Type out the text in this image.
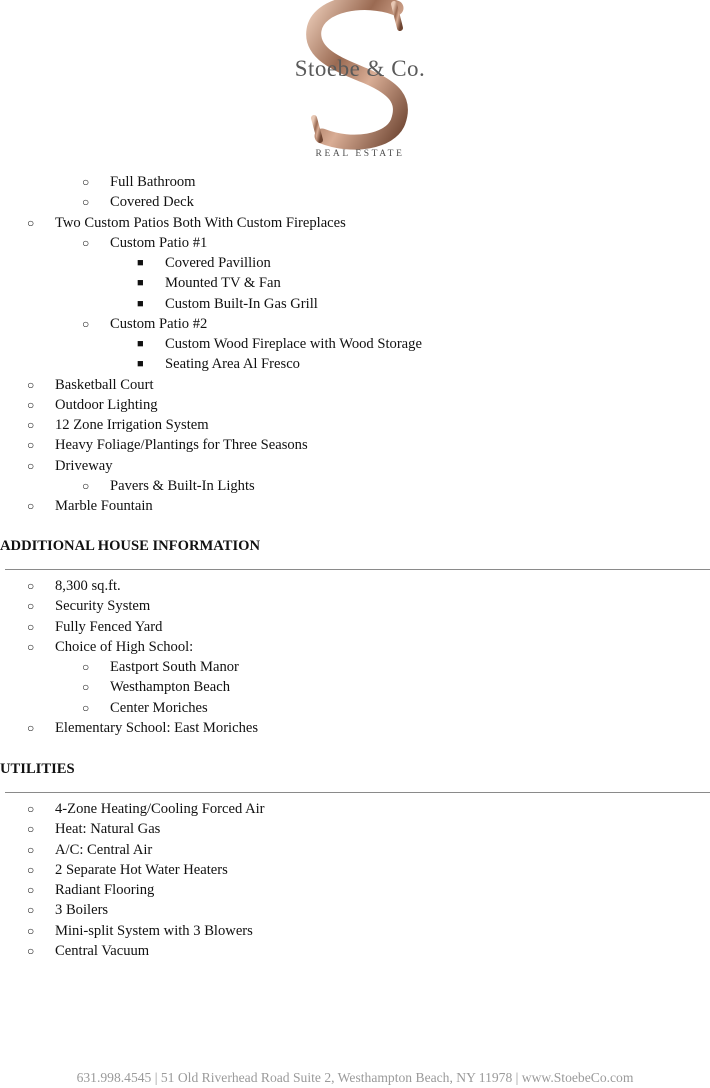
Stoebe & Co.
REAL ESTATE
○ Full Bathroom
○ Covered Deck
○ Two Custom Patios Both With Custom Fireplaces
○ Custom Patio #1
■ Covered Pavillion
■ Mounted TV & Fan
■ Custom Built-In Gas Grill
○ Custom Patio #2
■ Custom Wood Fireplace with Wood Storage
■ Seating Area Al Fresco
○ Basketball Court
○ Outdoor Lighting
○ 12 Zone Irrigation System
○ Heavy Foliage/Plantings for Three Seasons
○ Driveway
○ Pavers & Built-In Lights
○ Marble Fountain
ADDITIONAL HOUSE INFORMATION
○ 8,300 sq.ft.
○ Security System
○ Fully Fenced Yard
○ Choice of High School:
○ Eastport South Manor
○ Westhampton Beach
○ Center Moriches
○ Elementary School: East Moriches
UTILITIES
○ 4-Zone Heating/Cooling Forced Air
○ Heat: Natural Gas
○ A/C: Central Air
○ 2 Separate Hot Water Heaters
○ Radiant Flooring
○ 3 Boilers
○ Mini-split System with 3 Blowers
○ Central Vacuum
631.998.4545 | 51 Old Riverhead Road Suite 2, Westhampton Beach, NY 11978 | www.StoebeCo.com
